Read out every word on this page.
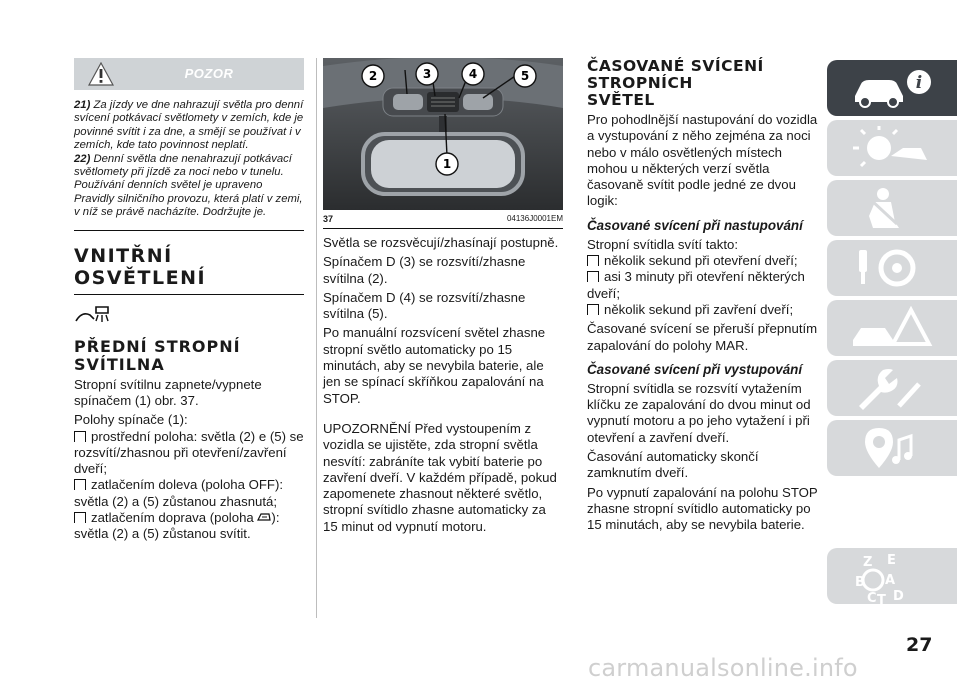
POZOR

21) Za jízdy ve dne nahrazují světla pro denní svícení potkávací světlomety v zemích, kde je povinné svítit i za dne, a smějí se používat i v zemích, kde tato povinnost neplatí.

22) Denní světla dne nenahrazují potkávací světlomety při jízdě za noci nebo v tunelu. Používání denních světel je upraveno Pravidly silničního provozu, která platí v zemi, v níž se právě nacházíte. Dodržujte je.

VNITŘNÍ OSVĚTLENÍ
PŘEDNÍ STROPNÍ
SVÍTILNA

Stropní svítilnu zapnete/vypnete spínačem (1) obr. 37.

Polohy spínače (1):

prostřední poloha: světla (2) e (5) se rozsvítí/zhasnou při otevření/zavření dveří;

zatlačením doleva (poloha OFF): světla (2) a (5) zůstanou zhasnutá;

zatlačením doprava (poloha ): světla (2) a (5) zůstanou svítit.

2	3	4	5
1
37	04136J0001EM

Světla se rozsvěcují/zhasínají postupně.

Spínačem D (3) se rozsvítí/zhasne svítilna (2).

Spínačem D (4) se rozsvítí/zhasne svítilna (5).

Po manuální rozsvícení světel zhasne stropní světlo automaticky po 15 minutách, aby se nevybila baterie, ale jen se spínací skříňkou zapalování na STOP.

UPOZORNĚNÍ Před vystoupením z vozidla se ujistěte, zda stropní světla nesvítí: zabráníte tak vybití baterie po zavření dveří. V každém případě, pokud zapomenete zhasnout některé světlo, stropní svítidlo zhasne automaticky za 15 minut od vypnutí motoru.

ČASOVANÉ SVÍCENÍ STROPNÍCH
SVĚTEL

Pro pohodlnější nastupování do vozidla a vystupování z něho zejména za noci nebo v málo osvětlených místech mohou u některých verzí světla časovaně svítit podle jedné ze dvou logik:

Časované svícení při nastupování

Stropní svítidla svítí takto:

několik sekund při otevření dveří;

asi 3 minuty při otevření některých dveří;

několik sekund při zavření dveří;

Časované svícení se přeruší přepnutím zapalování do polohy MAR.

Časované svícení při vystupování

Stropní svítidla se rozsvítí vytažením klíčku ze zapalování do dvou minut od vypnutí motoru a po jeho vytažení i při otevření a zavření dveří.

Časování automaticky skončí zamknutím dveří.

Po vypnutí zapalování na polohu STOP zhasne stropní svítidlo automaticky po 15 minutách, aby se nevybila baterie.

i
Z E
B A
C T D
27
carmanualsonline.info
